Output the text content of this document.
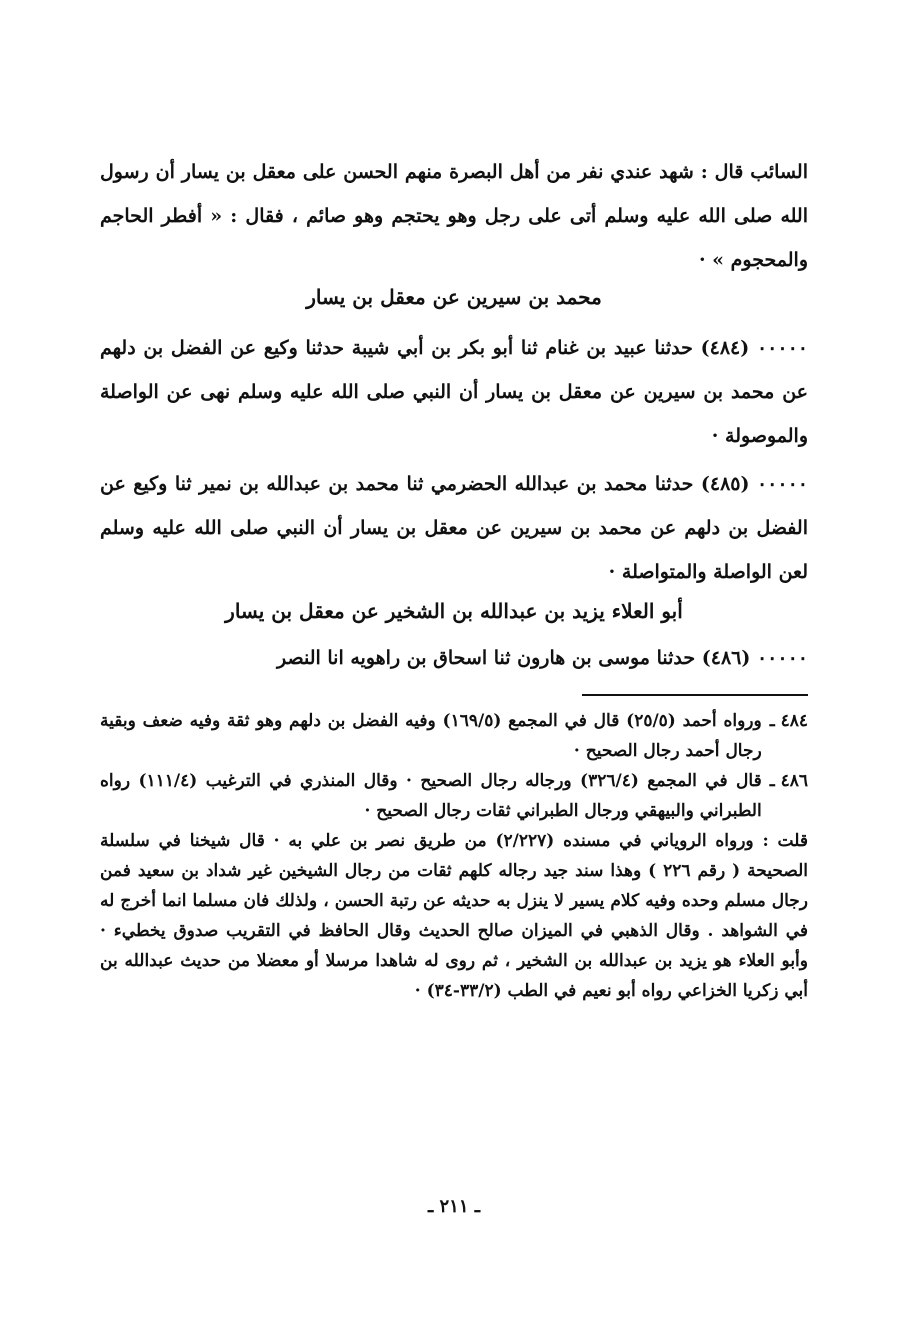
السائب قال : شهد عندي نفر من أهل البصرة منهم الحسن على معقل بن يسار أن رسول الله صلى الله عليه وسلم أتى على رجل وهو يحتجم وهو صائم ، فقال : « أفطر الحاجم والمحجوم » ·

محمد بن سيرين عن معقل بن يسار

٠٠٠٠٠ (٤٨٤) حدثنا عبيد بن غنام ثنا أبو بكر بن أبي شيبة حدثنا وكيع عن الفضل بن دلهم عن محمد بن سيرين عن معقل بن يسار أن النبي صلى الله عليه وسلم نهى عن الواصلة والموصولة ·

٠٠٠٠٠ (٤٨٥) حدثنا محمد بن عبدالله الحضرمي ثنا محمد بن عبدالله بن نمير ثنا وكيع عن الفضل بن دلهم عن محمد بن سيرين عن معقل بن يسار أن النبي صلى الله عليه وسلم لعن الواصلة والمتواصلة ·

أبو العلاء يزيد بن عبدالله بن الشخير عن معقل بن يسار

٠٠٠٠٠ (٤٨٦) حدثنا موسى بن هارون ثنا اسحاق بن راهويه انا النصر

٤٨٤ ـ
ورواه أحمد (٢٥/٥) قال في المجمع (١٦٩/٥) وفيه الفضل بن دلهم وهو ثقة وفيه ضعف وبقية رجال أحمد رجال الصحيح ·
٤٨٦ ـ
قال في المجمع (٣٢٦/٤) ورجاله رجال الصحيح · وقال المنذري في الترغيب (١١١/٤) رواه الطبراني والبيهقي ورجال الطبراني ثقات رجال الصحيح ·
قلت : ورواه الروياني في مسنده (٢/٢٢٧) من طريق نصر بن علي به · قال شيخنا في سلسلة الصحيحة ( رقم ٢٢٦ ) وهذا سند جيد رجاله كلهم ثقات من رجال الشيخين غير شداد بن سعيد فمن رجال مسلم وحده وفيه كلام يسير لا ينزل به حديثه عن رتبة الحسن ، ولذلك فان مسلما انما أخرج له في الشواهد . وقال الذهبي في الميزان صالح الحديث وقال الحافظ في التقريب صدوق يخطيء · وأبو العلاء هو يزيد بن عبدالله بن الشخير ، ثم روى له شاهدا مرسلا أو معضلا من حديث عبدالله بن أبي زكريا الخزاعي رواه أبو نعيم في الطب (٣٣/٢-٣٤) ·
ـ ٢١١ ـ
